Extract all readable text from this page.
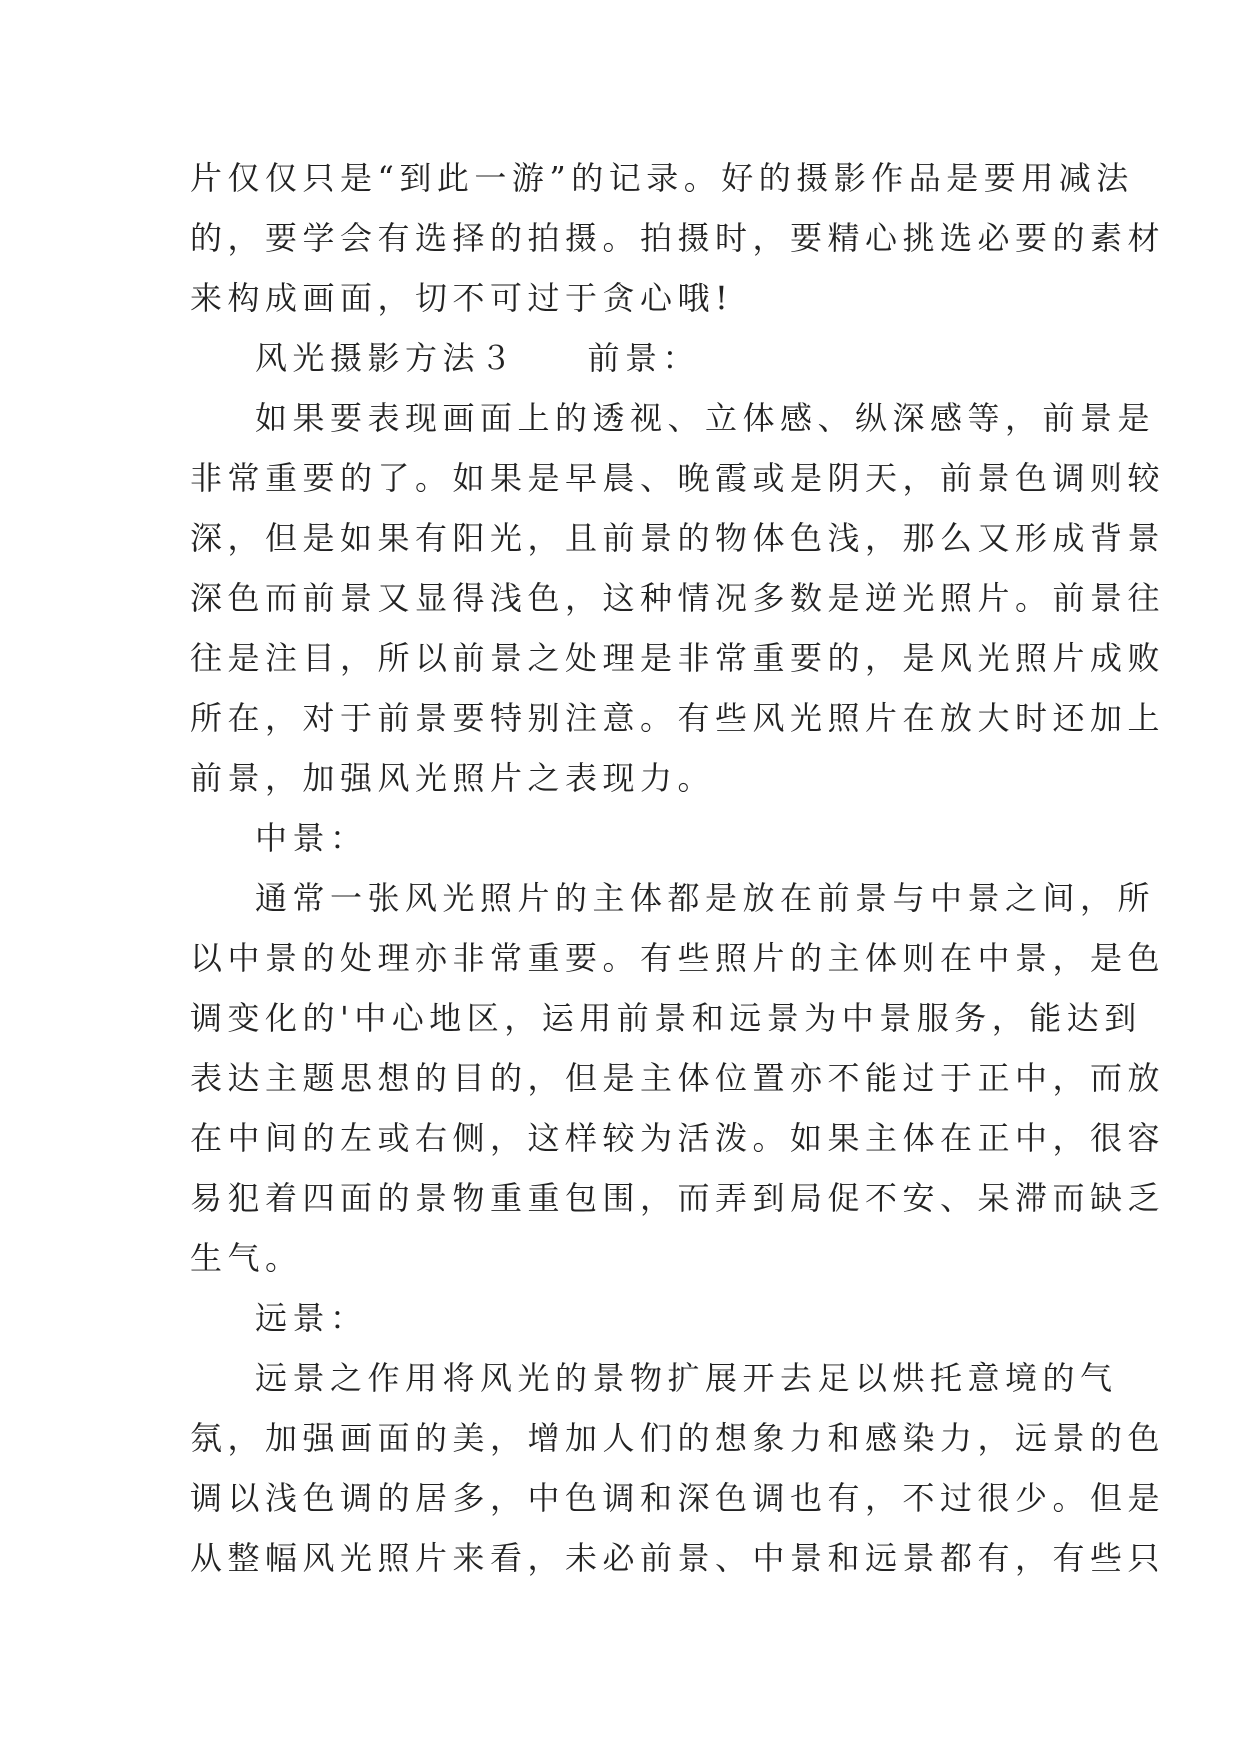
片仅仅只是“到此一游”的记录。好的摄影作品是要用减法
的，要学会有选择的拍摄。拍摄时，要精心挑选必要的素材
来构成画面，切不可过于贪心哦!
风光摄影方法３ 前景：
如果要表现画面上的透视、立体感、纵深感等，前景是
非常重要的了。如果是早晨、晚霞或是阴天，前景色调则较
深，但是如果有阳光，且前景的物体色浅，那么又形成背景
深色而前景又显得浅色，这种情况多数是逆光照片。前景往
往是注目，所以前景之处理是非常重要的，是风光照片成败
所在，对于前景要特别注意。有些风光照片在放大时还加上
前景，加强风光照片之表现力。
中景：
通常一张风光照片的主体都是放在前景与中景之间，所
以中景的处理亦非常重要。有些照片的主体则在中景，是色
调变化的'中心地区，运用前景和远景为中景服务，能达到
表达主题思想的目的，但是主体位置亦不能过于正中，而放
在中间的左或右侧，这样较为活泼。如果主体在正中，很容
易犯着四面的景物重重包围，而弄到局促不安、呆滞而缺乏
生气。
远景：
远景之作用将风光的景物扩展开去足以烘托意境的气
氛，加强画面的美，增加人们的想象力和感染力，远景的色
调以浅色调的居多，中色调和深色调也有，不过很少。但是
从整幅风光照片来看，未必前景、中景和远景都有，有些只
